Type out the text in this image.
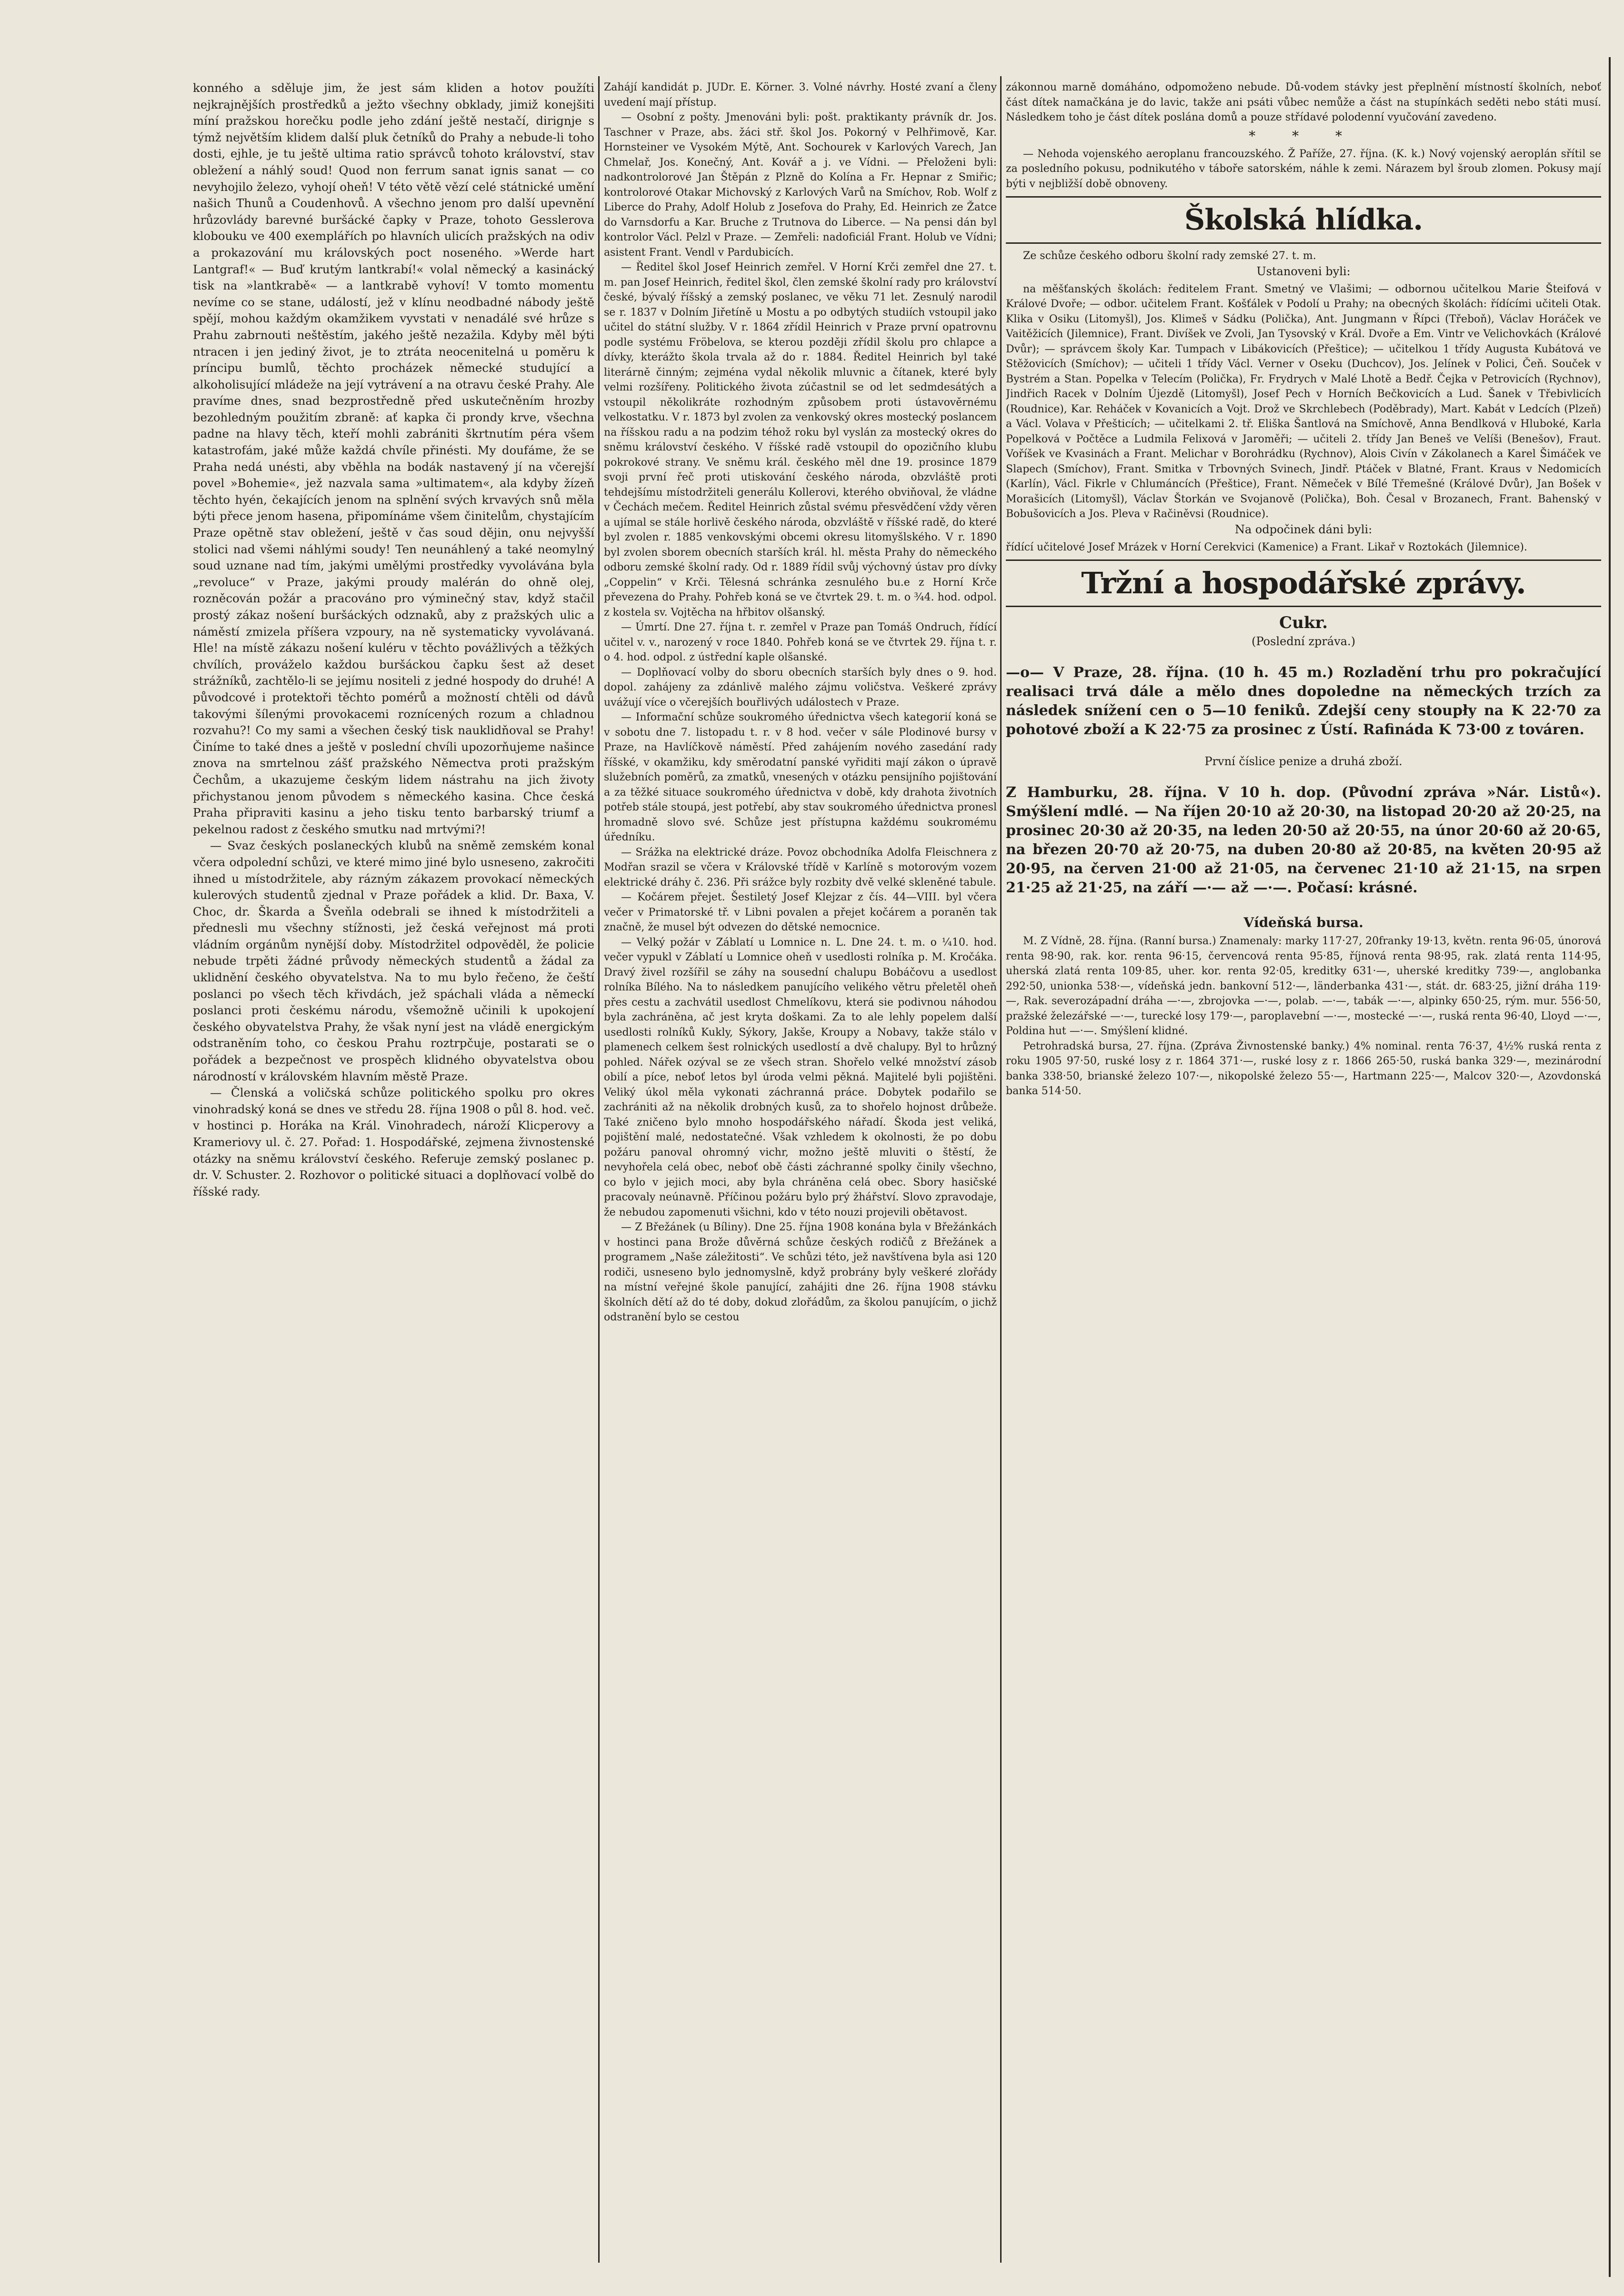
konného a sděluje jim, že jest sám kliden a hotov použíti nejkrajnějších prostředků a ježto všechny obklady, jimiž konejšiti míní pražskou horečku podle jeho zdání ještě nestačí, dirignje s týmž největším klidem další pluk četníků do Prahy a nebude-li toho dosti, ejhle, je tu ještě ultima ratio správců tohoto království, stav obležení a náhlý soud! Quod non ferrum sanat ignis sanat — co nevyhojilo železo, vyhojí oheň! V této větě vězí celé státnické umění našich Thunů a Coudenhovů. A všechno jenom pro další upevnění hrůzovlády barevné buršácké čapky v Praze, tohoto Gesslerova klobouku ve 400 exemplářích po hlavních ulicích pražských na odiv a prokazování mu královských poct noseného. »Werde hart Lantgraf!« — Buď krutým lantkrabí!« volal německý a kasinácký tisk na »lantkrabě« — a lantkrabě vyhoví! V tomto momentu nevíme co se stane, událostí, jež v klínu neodbadné nábody ještě spějí, mohou každým okamžikem vyvstati v nenadálé své hrůze s Prahu zabrnouti neštěstím, jakého ještě nezažila. Kdyby měl býti ntracen i jen jediný život, je to ztráta neocenitelná u poměru k príncipu bumlů, těchto procházek německé studující a alkoholisující mládeže na její vytrávení a na otravu české Prahy. Ale pravíme dnes, snad bezprostředně před uskutečněním hrozby bezohledným použitím zbraně: ať kapka či prondy krve, všechna padne na hlavy těch, kteří mohli zabrániti škrtnutím péra všem katastrofám, jaké může každá chvíle přinésti. My doufáme, že se Praha nedá unésti, aby vběhla na bodák nastavený jí na včerejší povel »Bohemie«, jež nazvala sama »ultimatem«, ala kdyby žízeň těchto hyén, čekajících jenom na splnění svých krvavých snů měla býti přece jenom hasena, připomínáme všem činitelům, chystajícím Praze opětně stav obležení, ještě v čas soud dějin, onu nejvyšší stolici nad všemi náhlými soudy! Ten neunáhlený a také neomylný soud uznane nad tím, jakými umělými prostředky vyvolávána byla „revoluce“ v Praze, jakými proudy malérán do ohně olej, rozněcován požár a pracováno pro výminečný stav, když stačil prostý zákaz nošení buršáckých odznaků, aby z pražských ulic a náměstí zmizela příšera vzpoury, na ně systematicky vyvolávaná. Hle! na místě zákazu nošení kuléru v těchto povážlivých a těžkých chvílích, prováželo každou buršáckou čapku šest až deset strážníků, zachtělo-li se jejímu nositeli z jedné hospody do druhé! A původcové i protektoři těchto pomérů a možností chtěli od dávů takovými šílenými provokacemi roznícených rozum a chladnou rozvahu?! Co my sami a všechen český tisk nauklidňoval se Prahy! Činíme to také dnes a ještě v poslední chvíli upozorňujeme našince znova na smrtelnou zášť pražského Němectva proti pražským Čechům, a ukazujeme českým lidem nástrahu na jich životy přichystanou jenom původem s německého kasina. Chce česká Praha připraviti kasinu a jeho tisku tento barbarský triumf a pekelnou radost z českého smutku nad mrtvými?!

— Svaz českých poslaneckých klubů na sněmě zemském konal včera odpolední schůzi, ve které mimo jiné bylo usneseno, zakročiti ihned u místodržitele, aby rázným zákazem provokací německých kulerových studentů zjednal v Praze pořádek a klid. Dr. Baxa, V. Choc, dr. Škarda a Šveňla odebrali se ihned k místodržiteli a přednesli mu všechny stížnosti, jež česká veřejnost má proti vládním orgánům nynější doby. Místodržitel odpověděl, že policie nebude trpěti žádné průvody německých studentů a žádal za uklidnění českého obyvatelstva. Na to mu bylo řečeno, že čeští poslanci po všech těch křivdách, jež spáchali vláda a německí poslanci proti českému národu, všemožně učinili k upokojení českého obyvatelstva Prahy, že však nyní jest na vládě energickým odstraněním toho, co českou Prahu roztrpčuje, postarati se o pořádek a bezpečnost ve prospěch klidného obyvatelstva obou národností v královském hlavním městě Praze.

— Členská a voličská schůze politického spolku pro okres vinohradský koná se dnes ve středu 28. října 1908 o půl 8. hod. več. v hostinci p. Horáka na Král. Vinohradech, nároží Klicperovy a Krameriovy ul. č. 27. Pořad: 1. Hospodářské, zejmena živnostenské otázky na sněmu království českého. Referuje zemský poslanec p. dr. V. Schuster. 2. Rozhovor o politické situaci a doplňovací volbě do říšské rady.

Zahájí kandidát p. JUDr. E. Körner. 3. Volné návrhy. Hosté zvaní a členy uvedení mají přístup.

— Osobní z pošty. Jmenováni byli: pošt. praktikanty právník dr. Jos. Taschner v Praze, abs. žáci stř. škol Jos. Pokorný v Pelhřimově, Kar. Hornsteiner ve Vysokém Mýtě, Ant. Sochourek v Karlových Varech, Jan Chmelař, Jos. Konečný, Ant. Kovář a j. ve Vídni. — Přeloženi byli: nadkontrolorové Jan Štěpán z Plzně do Kolína a Fr. Hepnar z Smiřic; kontrolorové Otakar Michovský z Karlových Varů na Smíchov, Rob. Wolf z Liberce do Prahy, Adolf Holub z Josefova do Prahy, Ed. Heinrich ze Žatce do Varnsdorfu a Kar. Bruche z Trutnova do Liberce. — Na pensi dán byl kontrolor Václ. Pelzl v Praze. — Zemřeli: nadoficiál Frant. Holub ve Vídni; asistent Frant. Vendl v Pardubicích.

— Ředitel škol Josef Heinrich zemřel. V Horní Krči zemřel dne 27. t. m. pan Josef Heinrich, ředitel škol, člen zemské školní rady pro království české, bývalý říšský a zemský poslanec, ve věku 71 let. Zesnulý narodil se r. 1837 v Dolním Jiřetíně u Mostu a po odbytých studiích vstoupil jako učitel do státní služby. V r. 1864 zřídil Heinrich v Praze první opatrovnu podle systému Fröbelova, se kterou později zřídil školu pro chlapce a dívky, kterážto škola trvala až do r. 1884. Ředitel Heinrich byl také literárně činným; zejména vydal několik mluvnic a čítanek, které byly velmi rozšířeny. Politického života zúčastnil se od let sedmdesátých a vstoupil několikráte rozhodným způsobem proti ústavověrnému velkostatku. V r. 1873 byl zvolen za venkovský okres mostecký poslancem na říšskou radu a na podzim téhož roku byl vyslán za mostecký okres do sněmu království českého. V říšské radě vstoupil do opozičního klubu pokrokové strany. Ve sněmu král. českého měl dne 19. prosince 1879 svoji první řeč proti utiskování českého národa, obzvláště proti tehdejšímu místodržiteli generálu Kollerovi, kterého obviňoval, že vládne v Čechách mečem. Ředitel Heinrich zůstal svému přesvědčení vždy věren a ujímal se stále horlivě českého národa, obzvláště v říšské radě, do které byl zvolen r. 1885 venkovskými obcemi okresu litomyšlského. V r. 1890 byl zvolen sborem obecních starších král. hl. města Prahy do německého odboru zemské školní rady. Od r. 1889 řídil svůj výchovný ústav pro dívky „Coppelin“ v Krči. Tělesná schránka zesnulého bu.e z Horní Krče převezena do Prahy. Pohřeb koná se ve čtvrtek 29. t. m. o ¾4. hod. odpol. z kostela sv. Vojtěcha na hřbitov olšanský.

— Úmrtí. Dne 27. října t. r. zemřel v Praze pan Tomáš Ondruch, řídící učitel v. v., narozený v roce 1840. Pohřeb koná se ve čtvrtek 29. října t. r. o 4. hod. odpol. z ústřední kaple olšanské.

— Doplňovací volby do sboru obecních starších byly dnes o 9. hod. dopol. zahájeny za zdánlivě malého zájmu voličstva. Veškeré zprávy uvážují více o včerejších bouřlivých událostech v Praze.

— Informační schůze soukromého úřednictva všech kategorií koná se v sobotu dne 7. listopadu t. r. v 8 hod. večer v sále Plodinové bursy v Praze, na Havlíčkově náměstí. Před zahájením nového zasedání rady říšské, v okamžiku, kdy směrodatní panské vyřiditi mají zákon o úpravě služebních poměrů, za zmatků, vnesených v otázku pensijního pojištování a za těžké situace soukromého úřednictva v době, kdy drahota životních potřeb stále stoupá, jest potřebí, aby stav soukromého úřednictva pronesl hromadně slovo své. Schůze jest přístupna každému soukromému úředníku.

— Srážka na elektrické dráze. Povoz obchodníka Adolfa Fleischnera z Modřan srazil se včera v Královské třídě v Karlíně s motorovým vozem elektrické dráhy č. 236. Při srážce byly rozbity dvě velké skleněné tabule.

— Kočárem přejet. Šestiletý Josef Klejzar z čís. 44—VIII. byl včera večer v Primatorské tř. v Libni povalen a přejet kočárem a poraněn tak značně, že musel být odvezen do dětské nemocnice.

— Velký požár v Záblatí u Lomnice n. L. Dne 24. t. m. o ¼10. hod. večer vypukl v Záblatí u Lomnice oheň v usedlosti rolníka p. M. Kročáka. Dravý živel rozšířil se záhy na sousední chalupu Bobáčovu a usedlost rolníka Bílého. Na to následkem panujícího velikého větru přeletěl oheň přes cestu a zachvátil usedlost Chmelíkovu, která sie podivnou náhodou byla zachráněna, ač jest kryta doškami. Za to ale lehly popelem další usedlosti rolníků Kukly, Sýkory, Jakše, Kroupy a Nobavy, takže stálo v plamenech celkem šest rolnických usedlostí a dvě chalupy. Byl to hrůzný pohled. Nářek ozýval se ze všech stran. Shořelo velké množství zásob obilí a píce, neboť letos byl úroda velmi pěkná. Majitelé byli pojištěni. Veliký úkol měla vykonati záchranná práce. Dobytek podařilo se zachrániti až na několik drobných kusů, za to shořelo hojnost drůbeže. Také zničeno bylo mnoho hospodářského nářadí. Škoda jest veliká, pojištění malé, nedostatečné. Však vzhledem k okolnosti, že po dobu požáru panoval ohromný vichr, možno ještě mluviti o štěstí, že nevyhořela celá obec, neboť obě části záchranné spolky činily všechno, co bylo v jejich moci, aby byla chráněna celá obec. Sbory hasičské pracovaly neúnavně. Příčinou požáru bylo prý žhářství. Slovo zpravodaje, že nebudou zapomenuti všichni, kdo v této nouzi projevili obětavost.

— Z Břežánek (u Bíliny). Dne 25. října 1908 konána byla v Břežánkách v hostinci pana Brože důvěrná schůze českých rodičů z Břežánek a programem „Naše záležitosti“. Ve schůzi této, jež navštívena byla asi 120 rodiči, usneseno bylo jednomyslně, když probrány byly veškeré zlořády na místní veřejné škole panující, zahájiti dne 26. října 1908 stávku školních dětí až do té doby, dokud zlořádům, za školou panujícím, o jichž odstranění bylo se cestou

zákonnou marně domáháno, odpomoženo nebude. Dů-vodem stávky jest přeplnění místností školních, neboť část dítek namačkána je do lavic, takže ani psáti vůbec nemůže a část na stupínkách seděti nebo státi musí. Následkem toho je část dítek poslána domů a pouze střídavé polodenní vyučování zavedeno.

* * *

— Nehoda vojenského aeroplanu francouzského. Ž Paříže, 27. října. (K. k.) Nový vojenský aeroplán sřítil se za posledního pokusu, podnikutého v táboře satorském, náhle k zemi. Nárazem byl šroub zlomen. Pokusy mají býti v nejbližší době obnoveny.

Školská hlídka.

Ze schůze českého odboru školní rady zemské 27. t. m.

Ustanoveni byli:

na měšťanských školách: ředitelem Frant. Smetný ve Vlašimi; — odbornou učitelkou Marie Šteifová v Králové Dvoře; — odbor. učitelem Frant. Košťálek v Podolí u Prahy; na obecných školách: řídícími učiteli Otak. Klika v Osiku (Litomyšl), Jos. Klimeš v Sádku (Polička), Ant. Jungmann v Řípci (Třeboň), Václav Horáček ve Vaitěžicích (Jilemnice), Frant. Divíšek ve Zvoli, Jan Tysovský v Král. Dvoře a Em. Vintr ve Velichovkách (Králové Dvůr); — správcem školy Kar. Tumpach v Libákovicích (Přeštice); — učitelkou 1 třídy Augusta Kubátová ve Stěžovicích (Smíchov); — učiteli 1 třídy Václ. Verner v Oseku (Duchcov), Jos. Jelínek v Polici, Čeň. Souček v Bystrém a Stan. Popelka v Telecím (Polička), Fr. Frydrych v Malé Lhotě a Bedř. Čejka v Petrovicích (Rychnov), Jindřich Racek v Dolním Újezdě (Litomyšl), Josef Pech v Horních Bečkovicích a Lud. Šanek v Třebivlicích (Roudnice), Kar. Reháček v Kovanicích a Vojt. Drož ve Skrchlebech (Poděbrady), Mart. Kabát v Ledcích (Plzeň) a Václ. Volava v Přešticích; — učitelkami 2. tř. Eliška Šantlová na Smíchově, Anna Bendlková v Hluboké, Karla Popelková v Počtěce a Ludmila Felixová v Jaroměři; — učiteli 2. třídy Jan Beneš ve Velíši (Benešov), Fraut. Voříšek ve Kvasinách a Frant. Melichar v Borohrádku (Rychnov), Alois Civín v Zákolanech a Karel Šimáček ve Slapech (Smíchov), Frant. Smitka v Trbovných Svinech, Jindř. Ptáček v Blatné, Frant. Kraus v Nedomicích (Karlín), Václ. Fikrle v Chlumáncích (Přeštice), Frant. Němeček v Bílé Třemešné (Králové Dvůr), Jan Bošek v Morašicích (Litomyšl), Václav Štorkán ve Svojanově (Polička), Boh. Česal v Brozanech, Frant. Bahenský v Bobušovicích a Jos. Pleva v Račiněvsi (Roudnice).

Na odpočinek dáni byli:

řídící učitelové Josef Mrázek v Horní Cerekvici (Kamenice) a Frant. Likař v Roztokách (Jilemnice).

Tržní a hospodářské zprávy.
Cukr.

(Poslední zpráva.)

—o— V Praze, 28. října. (10 h. 45 m.) Rozladění trhu pro pokračující realisaci trvá dále a mělo dnes dopoledne na německých trzích za následek snížení cen o 5—10 feniků. Zdejší ceny stoupły na K 22·70 za pohotové zboží a K 22·75 za prosinec z Ústí. Rafináda K 73·00 z továren.

První číslice penize a druhá zboží.

Z Hamburku, 28. října. V 10 h. dop. (Původní zpráva »Nár. Listů«). Smýšlení mdlé. — Na říjen 20·10 až 20·30, na listopad 20·20 až 20·25, na prosinec 20·30 až 20·35, na leden 20·50 až 20·55, na únor 20·60 až 20·65, na březen 20·70 až 20·75, na duben 20·80 až 20·85, na květen 20·95 až 20·95, na červen 21·00 až 21·05, na červenec 21·10 až 21·15, na srpen 21·25 až 21·25, na září —·— až —·—. Počasí: krásné.

Vídeňská bursa.

M. Z Vídně, 28. října. (Ranní bursa.) Znamenaly: marky 117·27, 20franky 19·13, květn. renta 96·05, únorová renta 98·90, rak. kor. renta 96·15, červencová renta 95·85, říjnová renta 98·95, rak. zlatá renta 114·95, uherská zlatá renta 109·85, uher. kor. renta 92·05, kreditky 631·—, uherské kreditky 739·—, anglobanka 292·50, unionka 538·—, vídeňská jedn. bankovní 512·—, länderbanka 431·—, stát. dr. 683·25, jižní dráha 119·—, Rak. severozápadní dráha —·—, zbrojovka —·—, polab. —·—, tabák —·—, alpinky 650·25, rým. mur. 556·50, pražské železářské —·—, turecké losy 179·—, paroplavební —·—, mostecké —·—, ruská renta 96·40, Lloyd —·—, Poldina hut —·—. Smýšlení klidné.

Petrohradská bursa, 27. října. (Zpráva Živnostenské banky.) 4% nominal. renta 76·37, 4½% ruská renta z roku 1905 97·50, ruské losy z r. 1864 371·—, ruské losy z r. 1866 265·50, ruská banka 329·—, mezinárodní banka 338·50, brianské železo 107·—, nikopolské železo 55·—, Hartmann 225·—, Malcov 320·—, Azovdonská banka 514·50.
